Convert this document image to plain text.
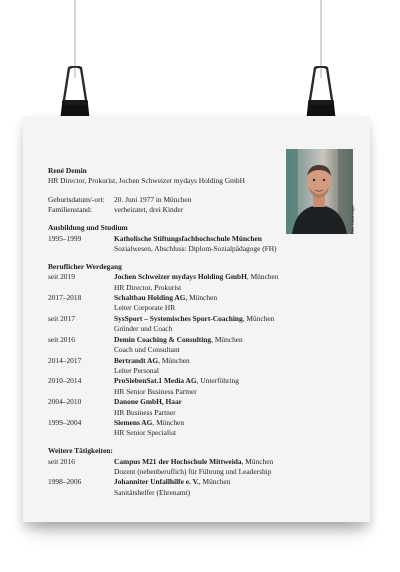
Foto: David Kagis
René Demin
HR Director, Prokurist, Jochen Schweizer mydays Holding GmbH
Geburtsdatum/-ort:	20. Juni 1977 in München
Familienstand:	verheiratet, drei Kinder
Ausbildung und Studium
1995–1999	Katholische Stiftungsfachhochschule München
Sozialwesen, Abschluss: Diplom-Sozialpädagoge (FH)
Beruflicher Werdegang
seit 2019	Jochen Schweizer mydays Holding GmbH, München
HR Director, Prokurist
2017–2018	Schaltbau Holding AG, München
Leiter Corporate HR
seit 2017	SysSport – Systemisches Sport-Coaching, München
Gründer und Coach
seit 2016	Demin Coaching & Consulting, München
Coach und Consultant
2014–2017	Bertrandt AG, München
Leiter Personal
2010–2014	ProSiebenSat.1 Media AG, Unterföhring
HR Senior Business Partner
2004–2010	Danone GmbH, Haar
HR Business Partner
1999–2004	Siemens AG, München
HR Senior Specialist
Weitere Tätigkeiten:
seit 2016	Campus M21 der Hochschule Mittweida, München
Dozent (nebenberuflich) für Führung und Leadership
1998–2006	Johanniter Unfallhilfe e. V., München
Sanitätshelfer (Ehrenamt)
